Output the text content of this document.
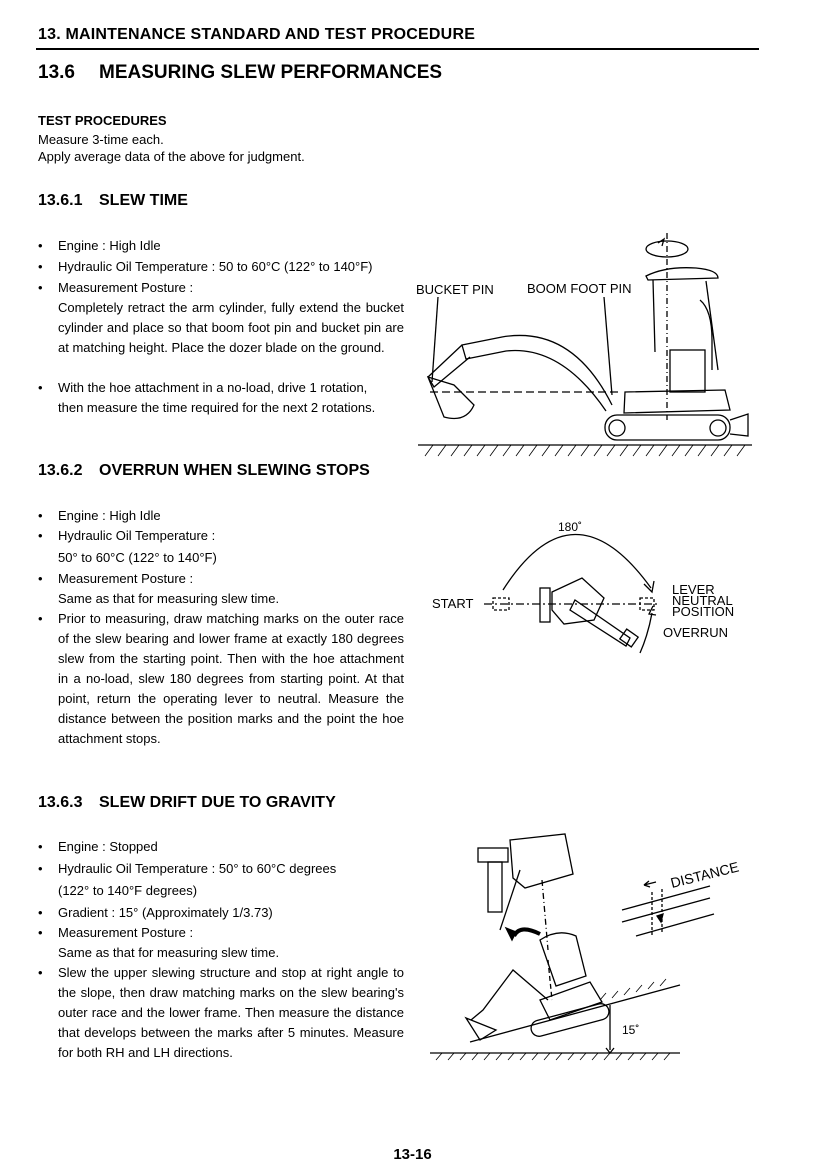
13. MAINTENANCE STANDARD AND TEST PROCEDURE
13.6 MEASURING SLEW PERFORMANCES
TEST PROCEDURES
Measure 3-time each.
Apply average data of the above for judgment.
13.6.1 SLEW TIME
• Engine : High Idle
• Hydraulic Oil Temperature : 50 to 60°C (122° to 140°F)
• Measurement Posture :

Completely retract the arm cylinder, fully extend the bucket cylinder and place so that boom foot pin and bucket pin are at matching height. Place the dozer blade on the ground.

• With the hoe attachment in a no-load, drive 1 rotation,
then measure the time required for the next 2 rotations.
BUCKET PIN	BOOM FOOT PIN
13.6.2 OVERRUN WHEN SLEWING STOPS
• Engine : High Idle
• Hydraulic Oil Temperature :
50° to 60°C (122° to 140°F)
• Measurement Posture :
Same as that for measuring slew time.
• Prior to measuring, draw matching marks on the outer race of the slew bearing and lower frame at exactly 180 degrees slew from the starting point. Then with the hoe attachment in a no-load, slew 180 degrees from starting point. At that point, return the operating lever to neutral. Measure the distance between the position marks and the point the hoe attachment stops.

180˚
START
LEVER
NEUTRAL
POSITION
OVERRUN
13.6.3 SLEW DRIFT DUE TO GRAVITY
• Engine : Stopped
• Hydraulic Oil Temperature : 50° to 60°C degrees
(122° to 140°F degrees)
• Gradient : 15° (Approximately 1/3.73)
• Measurement Posture :
Same as that for measuring slew time.
• Slew the upper slewing structure and stop at right angle to the slope, then draw matching marks on the slew bearing's outer race and the lower frame. Then measure the distance that develops between the marks after 5 minutes. Measure for both RH and LH directions.

DISTANCE
15˚
13-16
